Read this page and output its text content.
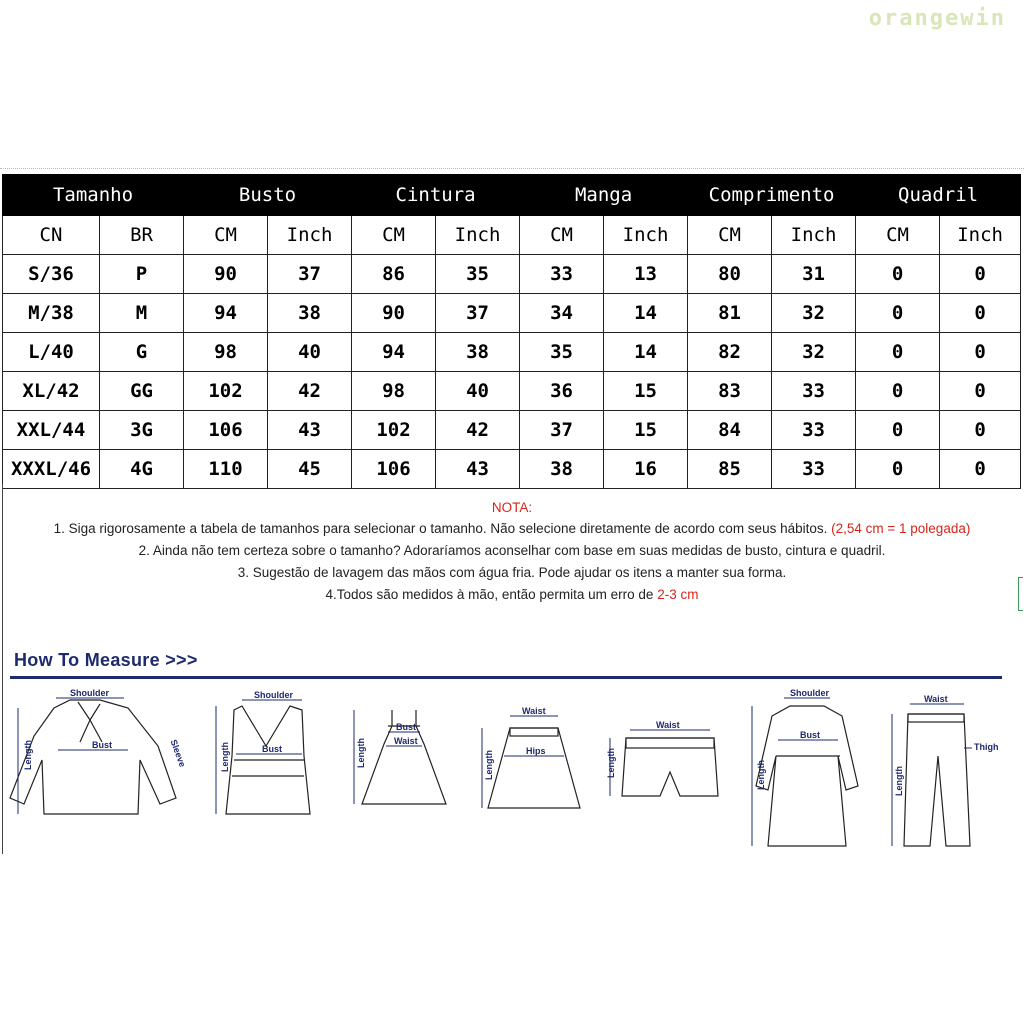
orangewin
Tamanho		Busto		Cintura		Manga		Comprimento		Quadril	
CN	BR	CM	Inch	CM	Inch	CM	Inch	CM	Inch	CM	Inch
S/36	P	90	37	86	35	33	13	80	31	0	0
M/38	M	94	38	90	37	34	14	81	32	0	0
L/40	G	98	40	94	38	35	14	82	32	0	0
XL/42	GG	102	42	98	40	36	15	83	33	0	0
XXL/44	3G	106	43	102	42	37	15	84	33	0	0
XXXL/46	4G	110	45	106	43	38	16	85	33	0	0
NOTA:

1. Siga rigorosamente a tabela de tamanhos para selecionar o tamanho. Não selecione diretamente de acordo com seus hábitos. (2,54 cm = 1 polegada)

2. Ainda não tem certeza sobre o tamanho? Adoraríamos aconselhar com base em suas medidas de busto, cintura e quadril.

3. Sugestão de lavagem das mãos com água fria. Pode ajudar os itens a manter sua forma.

4.Todos são medidos à mão, então permita um erro de 2-3 cm

How To Measure >>>
Shoulder
Bust
Length	Sleeve
Shoulder
Bust
Length
Bust
Waist
Length
Waist
Hips
Length
Waist
Length
Shoulder
Bust
Length
Waist
Thigh
Length
